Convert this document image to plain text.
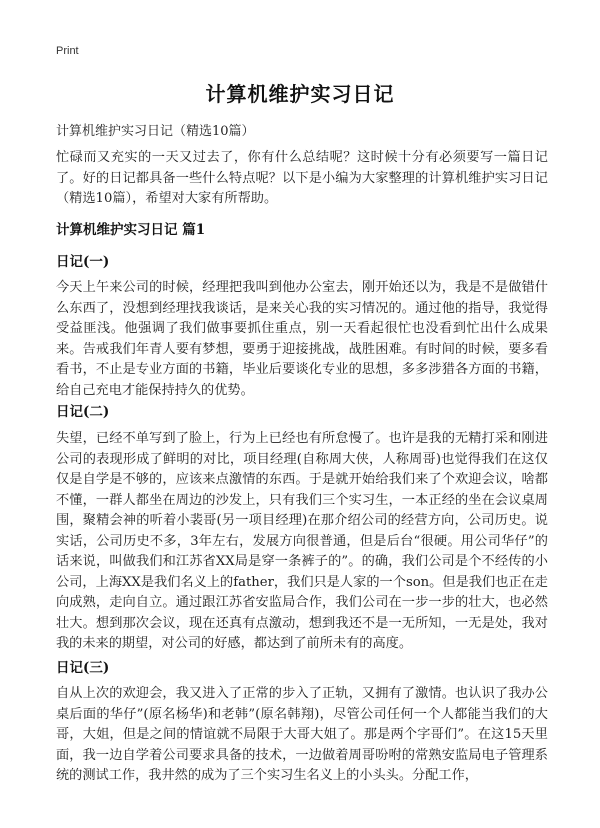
Print
计算机维护实习日记
计算机维护实习日记（精选10篇）
忙碌而又充实的一天又过去了，你有什么总结呢？这时候十分有必须要写一篇日记了。好的日记都具备一些什么特点呢？以下是小编为大家整理的计算机维护实习日记（精选10篇），希望对大家有所帮助。
计算机维护实习日记 篇1
日记(一)
今天上午来公司的时候，经理把我叫到他办公室去，刚开始还以为，我是不是做错什么东西了，没想到经理找我谈话，是来关心我的实习情况的。通过他的指导，我觉得受益匪浅。他强调了我们做事要抓住重点，别一天看起很忙也没看到忙出什么成果来。告戒我们年青人要有梦想，要勇于迎接挑战，战胜困难。有时间的时候，要多看看书，不止是专业方面的书籍，毕业后要谈化专业的思想，多多涉猎各方面的书籍，给自己充电才能保持持久的优势。
日记(二)
失望，已经不单写到了脸上，行为上已经也有所怠慢了。也许是我的无精打采和刚进公司的表现形成了鲜明的对比，项目经理(自称周大侠，人称周哥)也觉得我们在这仅仅是自学是不够的，应该来点激情的东西。于是就开始给我们来了个欢迎会议，啥都不懂，一群人都坐在周边的沙发上，只有我们三个实习生，一本正经的坐在会议桌周围，聚精会神的听着小裴哥(另一项目经理)在那介绍公司的经营方向，公司历史。说实话，公司历史不多，3年左右，发展方向很普通，但是后台“很硬。用公司华仔”的话来说，叫做我们和江苏省XX局是穿一条裤子的”。的确，我们公司是个不经传的小公司，上海XX是我们名义上的father，我们只是人家的一个son。但是我们也正在走向成熟，走向自立。通过跟江苏省安监局合作，我们公司在一步一步的壮大，也必然壮大。想到那次会议，现在还真有点激动，想到我还不是一无所知，一无是处，我对我的未来的期望，对公司的好感，都达到了前所未有的高度。
日记(三)
自从上次的欢迎会，我又进入了正常的步入了正轨，又拥有了激情。也认识了我办公桌后面的华仔”(原名杨华)和老韩”(原名韩翔)，尽管公司任何一个人都能当我们的大哥，大姐，但是之间的情谊就不局限于大哥大姐了。那是两个字哥们”。在这15天里面，我一边自学着公司要求具备的技术，一边做着周哥吩咐的常熟安监局电子管理系统的测试工作，我井然的成为了三个实习生名义上的小头头。分配工作，
